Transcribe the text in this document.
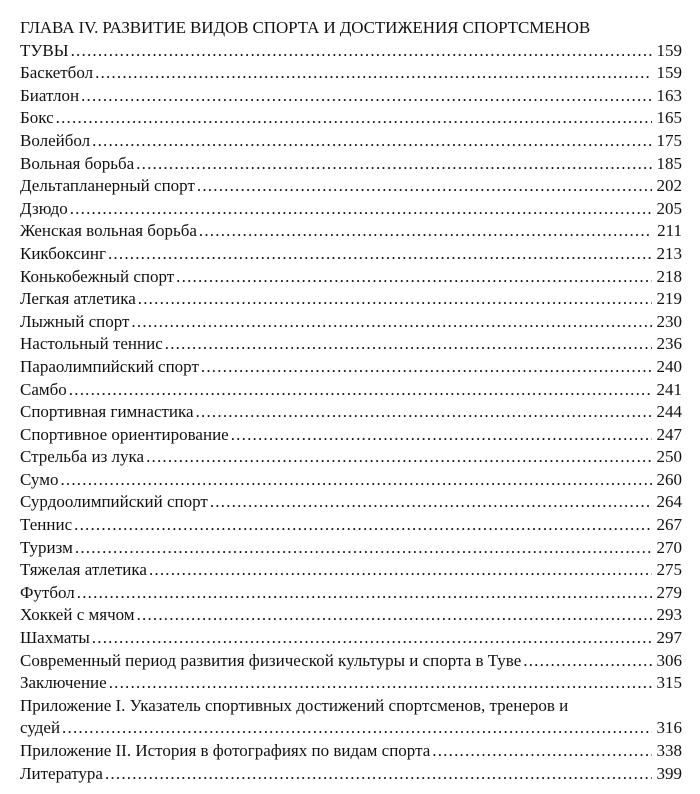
ГЛАВА IV. РАЗВИТИЕ ВИДОВ СПОРТА И ДОСТИЖЕНИЯ СПОРТСМЕНОВ
ТУВЫ .....	159
Баскетбол .....	159
Биатлон .....	163
Бокс .....	165
Волейбол .....	175
Вольная борьба .....	185
Дельтапланерный спорт .....	202
Дзюдо .....	205
Женская вольная борьба .....	211
Кикбоксинг .....	213
Конькобежный спорт .....	218
Легкая атлетика .....	219
Лыжный спорт .....	230
Настольный теннис .....	236
Параолимпийский спорт .....	240
Самбо .....	241
Спортивная гимнастика .....	244
Спортивное ориентирование .....	247
Стрельба из лука .....	250
Сумо .....	260
Сурдоолимпийский спорт .....	264
Теннис .....	267
Туризм .....	270
Тяжелая атлетика .....	275
Футбол .....	279
Хоккей с мячом .....	293
Шахматы .....	297
Современный период развития физической культуры и спорта в Туве .....	306
Заключение .....	315
Приложение I. Указатель спортивных достижений спортсменов, тренеров и
судей .....	316
Приложение II. История в фотографиях по видам спорта .....	338
Литература .....	399
